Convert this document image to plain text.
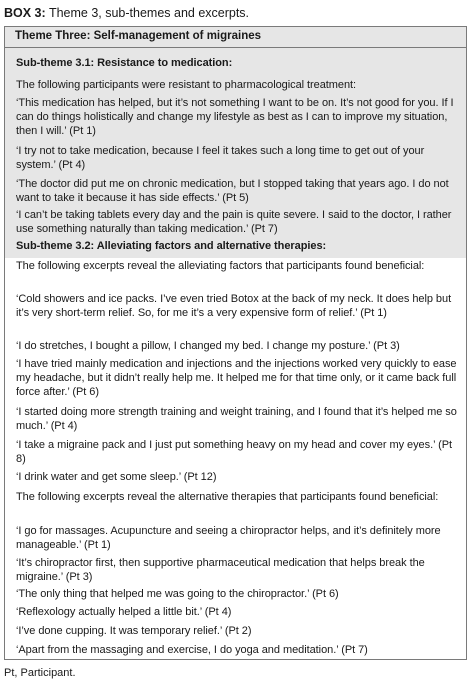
BOX 3: Theme 3, sub-themes and excerpts.
Theme Three: Self-management of migraines
Sub-theme 3.1: Resistance to medication:
The following participants were resistant to pharmacological treatment:
‘This medication has helped, but it’s not something I want to be on. It’s not good for you. If I can do things holistically and change my lifestyle as best as I can to improve my situation, then I will.’ (Pt 1)
‘I try not to take medication, because I feel it takes such a long time to get out of your system.’ (Pt 4)
‘The doctor did put me on chronic medication, but I stopped taking that years ago. I do not want to take it because it has side effects.’ (Pt 5)
‘I can’t be taking tablets every day and the pain is quite severe. I said to the doctor, I rather use something naturally than taking medication.’ (Pt 7)
Sub-theme 3.2: Alleviating factors and alternative therapies:
The following excerpts reveal the alleviating factors that participants found beneficial:
‘Cold showers and ice packs. I’ve even tried Botox at the back of my neck. It does help but it’s very short-term relief. So, for me it’s a very expensive form of relief.’ (Pt 1)
‘I do stretches, I bought a pillow, I changed my bed. I change my posture.’ (Pt 3)
‘I have tried mainly medication and injections and the injections worked very quickly to ease my headache, but it didn’t really help me. It helped me for that time only, or it came back full force after.’ (Pt 6)
‘I started doing more strength training and weight training, and I found that it’s helped me so much.’ (Pt 4)
‘I take a migraine pack and I just put something heavy on my head and cover my eyes.’ (Pt 8)
‘I drink water and get some sleep.’ (Pt 12)
The following excerpts reveal the alternative therapies that participants found beneficial:
‘I go for massages. Acupuncture and seeing a chiropractor helps, and it’s definitely more manageable.’ (Pt 1)
‘It’s chiropractor first, then supportive pharmaceutical medication that helps break the migraine.’ (Pt 3)
‘The only thing that helped me was going to the chiropractor.’ (Pt 6)
‘Reflexology actually helped a little bit.’ (Pt 4)
‘I’ve done cupping. It was temporary relief.’ (Pt 2)
‘Apart from the massaging and exercise, I do yoga and meditation.’ (Pt 7)
Pt, Participant.
